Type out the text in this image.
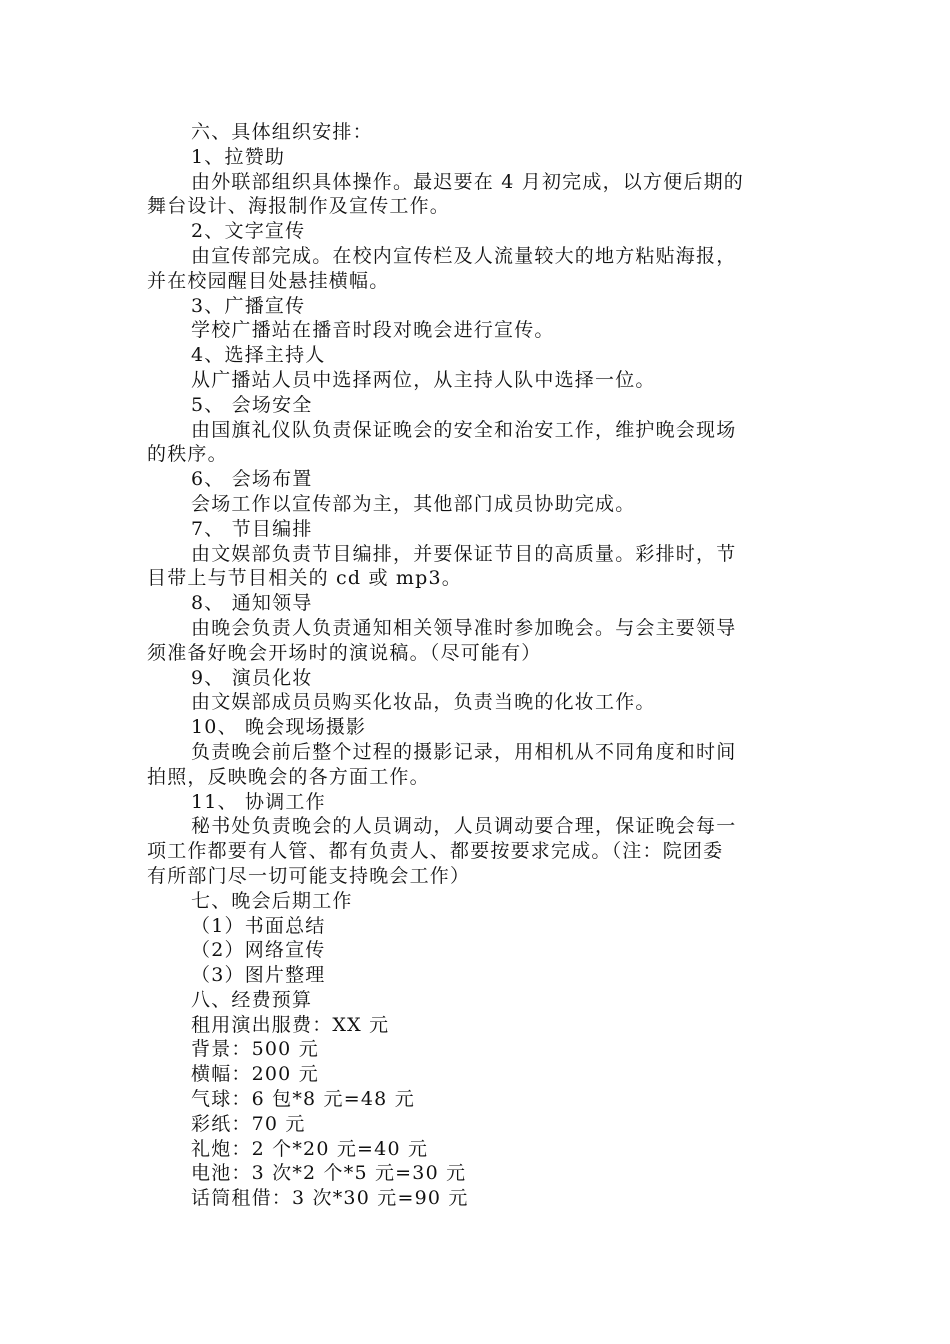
六、具体组织安排：
1、拉赞助
由外联部组织具体操作。最迟要在 4 月初完成，以方便后期的
舞台设计、海报制作及宣传工作。
2、文字宣传
由宣传部完成。在校内宣传栏及人流量较大的地方粘贴海报，
并在校园醒目处悬挂横幅。
3、广播宣传
学校广播站在播音时段对晚会进行宣传。
4、选择主持人
从广播站人员中选择两位，从主持人队中选择一位。
5、 会场安全
由国旗礼仪队负责保证晚会的安全和治安工作，维护晚会现场
的秩序。
6、 会场布置
会场工作以宣传部为主，其他部门成员协助完成。
7、 节目编排
由文娱部负责节目编排，并要保证节目的高质量。彩排时，节
目带上与节目相关的 cd 或 mp3。
8、 通知领导
由晚会负责人负责通知相关领导准时参加晚会。与会主要领导
须准备好晚会开场时的演说稿。（尽可能有）
9、 演员化妆
由文娱部成员员购买化妆品，负责当晚的化妆工作。
10、 晚会现场摄影
负责晚会前后整个过程的摄影记录，用相机从不同角度和时间
拍照，反映晚会的各方面工作。
11、 协调工作
秘书处负责晚会的人员调动，人员调动要合理，保证晚会每一
项工作都要有人管、都有负责人、都要按要求完成。（注：院团委
有所部门尽一切可能支持晚会工作）
七、晚会后期工作
（1）书面总结
（2）网络宣传
（3）图片整理
八、经费预算
租用演出服费：XX 元
背景：500 元
横幅：200 元
气球：6 包*8 元=48 元
彩纸：70 元
礼炮：2 个*20 元=40 元
电池：3 次*2 个*5 元=30 元
话筒租借：3 次*30 元=90 元
